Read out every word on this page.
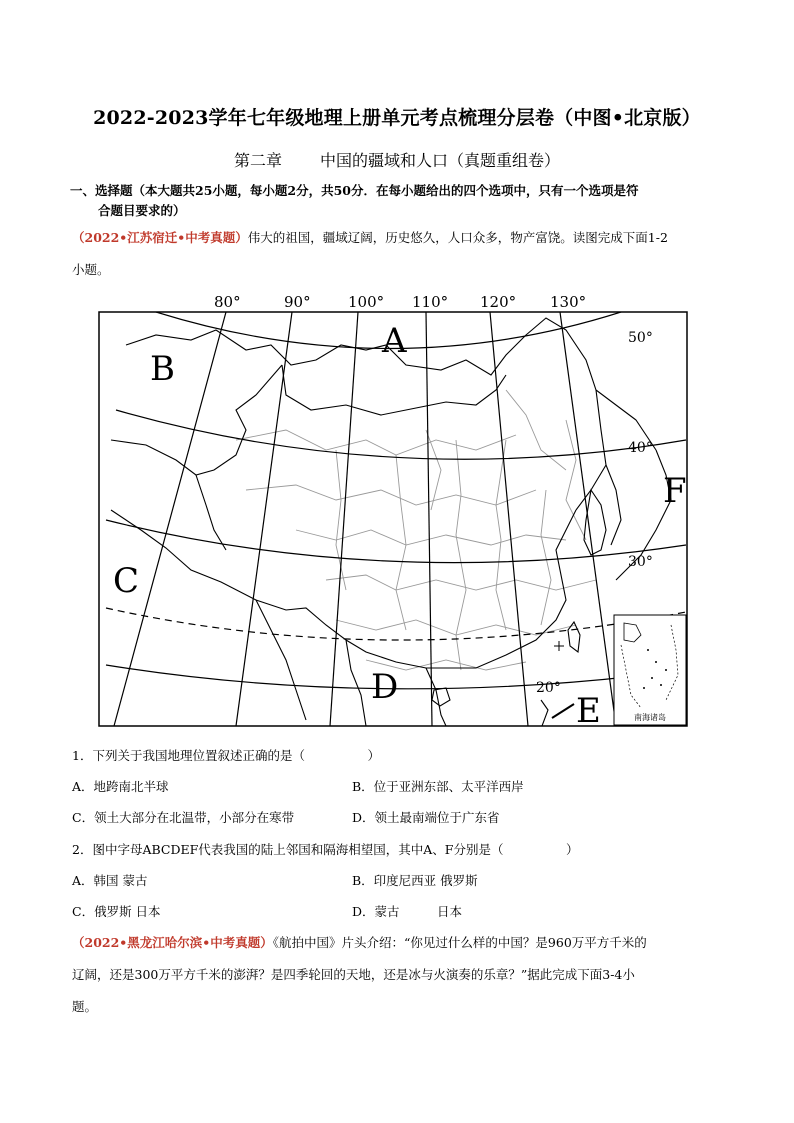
2022-2023学年七年级地理上册单元考点梳理分层卷（中图•北京版）
第二章 中国的疆域和人口（真题重组卷）
一、选择题（本大题共25小题，每小题2分，共50分．在每小题给出的四个选项中，只有一个选项是符
合题目要求的）
（2022•江苏宿迁•中考真题）伟大的祖国，疆域辽阔，历史悠久，人口众多，物产富饶。读图完成下面1-2
小题。
80°	90° 100° 110° 120° 130°
50°
40°
30°
20°
A
B
C
D
E
F
南海诸岛
1．下列关于我国地理位置叙述正确的是（　　　　　）
A．地跨南北半球	B．位于亚洲东部、太平洋西岸
C．领土大部分在北温带，小部分在寒带	D．领土最南端位于广东省
2．图中字母ABCDEF代表我国的陆上邻国和隔海相望国，其中A、F分别是（　　　　　）
A．韩国 蒙古	B．印度尼西亚 俄罗斯
C．俄罗斯 日本	D．蒙古　　　日本
（2022•黑龙江哈尔滨•中考真题）《航拍中国》片头介绍：“你见过什么样的中国？是960万平方千米的
辽阔，还是300万平方千米的澎湃？是四季轮回的天地，还是冰与火演奏的乐章？”据此完成下面3-4小
题。
